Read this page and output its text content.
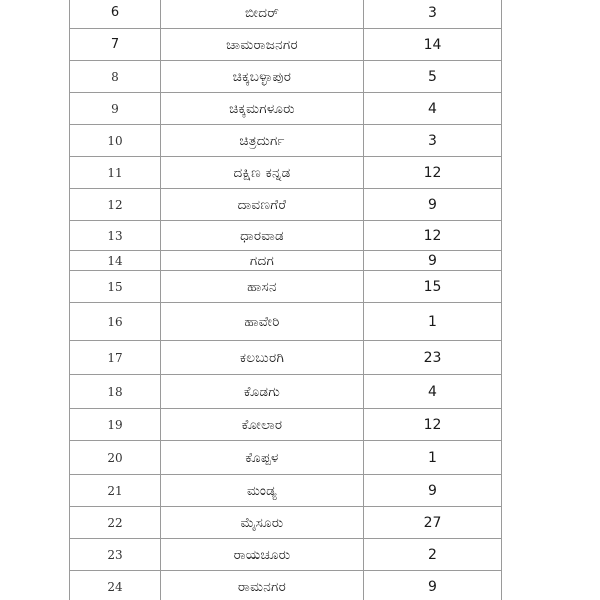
6	ಬೀದರ್	3
7	ಚಾಮರಾಜನಗರ	14
8	ಚಿಕ್ಕಬಳ್ಳಾಪುರ	5
9	ಚಿಕ್ಕಮಗಳೂರು	4
10	ಚಿತ್ರದುರ್ಗ	3
11	ದಕ್ಷಿಣ ಕನ್ನಡ	12
12	ದಾವಣಗೆರೆ	9
13	ಧಾರವಾಡ	12
14	ಗದಗ	9
15	ಹಾಸನ	15
16	ಹಾವೇರಿ	1
17	ಕಲಬುರಗಿ	23
18	ಕೊಡಗು	4
19	ಕೋಲಾರ	12
20	ಕೊಪ್ಪಳ	1
21	ಮಂಡ್ಯ	9
22	ಮೈಸೂರು	27
23	ರಾಯಚೂರು	2
24	ರಾಮನಗರ	9
